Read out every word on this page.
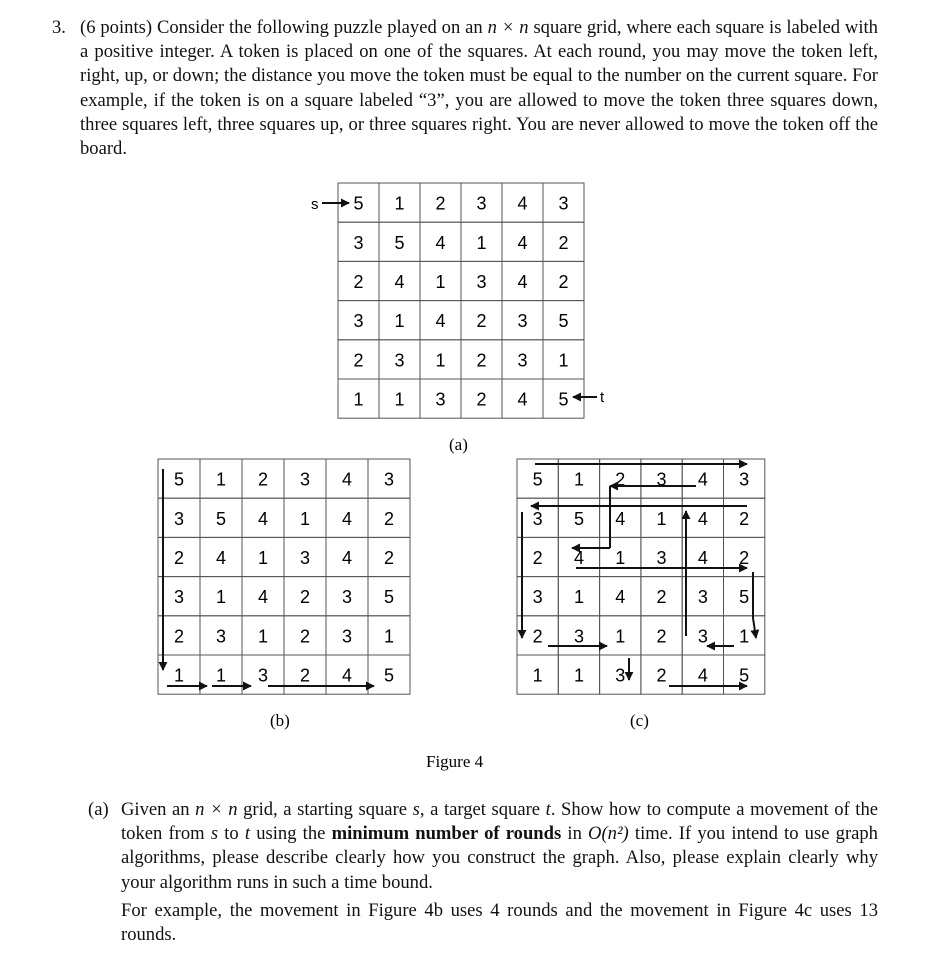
3. (6 points) Consider the following puzzle played on an n × n square grid, where each square is labeled with a positive integer. A token is placed on one of the squares. At each round, you may move the token left, right, up, or down; the distance you move the token must be equal to the number on the current square. For example, if the token is on a square labeled “3”, you are allowed to move the token three squares down, three squares left, three squares up, or three squares right. You are never allowed to move the token off the board.
5 1 2 3 4 3
3 5 4 1 4 2
2 4 1 3 4 2
3 1 4 2 3 5
2 3 1 2 3 1
1 1 3 2 4 5
5 1 2 3 4 3
3 5 4 1 4 2
2 4 1 3 4 2
3 1 4 2 3 5
2 3 1 2 3 1
1 1 3 2 4 5
5 1 2 3 4 3
3 5 4 1 4 2
2 4 1 3 4 2
3 1 4 2 3 5
2 3 1 2 3 1
1 1 3 2 4 5
s
t
(a)
(b)	(c)
Figure 4
(a) Given an n × n grid, a starting square s, a target square t. Show how to compute a movement of the token from s to t using the minimum number of rounds in O(n²) time. If you intend to use graph algorithms, please describe clearly how you construct the graph. Also, please explain clearly why your algorithm runs in such a time bound.

For example, the movement in Figure 4b uses 4 rounds and the movement in Figure 4c uses 13 rounds.
